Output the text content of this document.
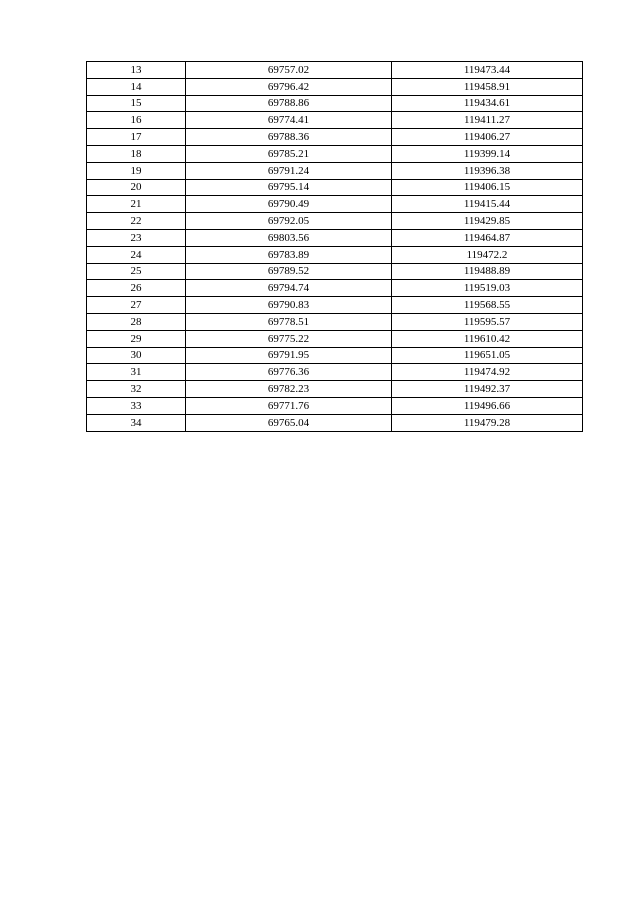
13	69757.02	119473.44
14	69796.42	119458.91
15	69788.86	119434.61
16	69774.41	119411.27
17	69788.36	119406.27
18	69785.21	119399.14
19	69791.24	119396.38
20	69795.14	119406.15
21	69790.49	119415.44
22	69792.05	119429.85
23	69803.56	119464.87
24	69783.89	119472.2
25	69789.52	119488.89
26	69794.74	119519.03
27	69790.83	119568.55
28	69778.51	119595.57
29	69775.22	119610.42
30	69791.95	119651.05
31	69776.36	119474.92
32	69782.23	119492.37
33	69771.76	119496.66
34	69765.04	119479.28
